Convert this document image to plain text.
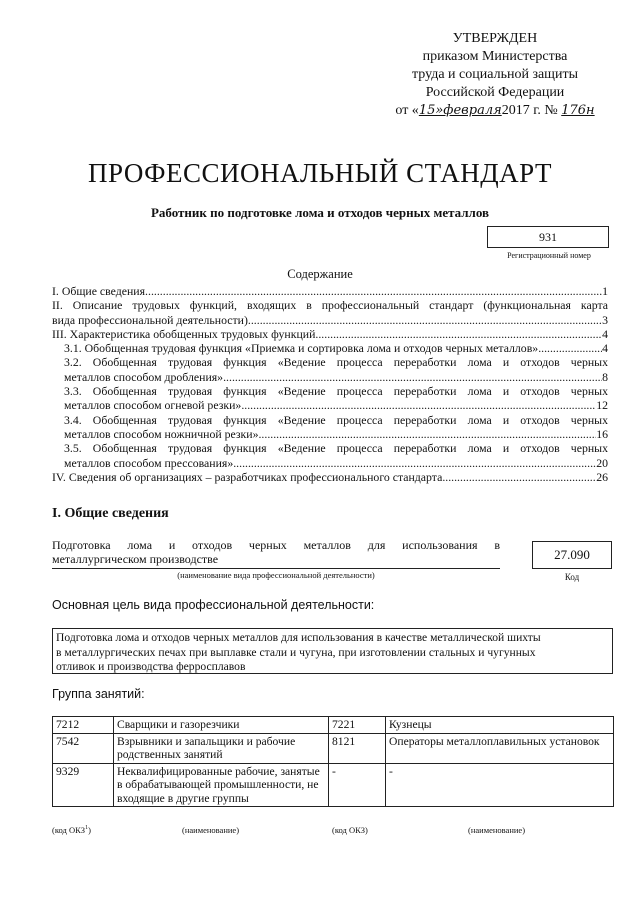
УТВЕРЖДЕН
приказом Министерства
труда и социальной защиты
Российской Федерации
от «15»февраля2017 г. № 176н
ПРОФЕССИОНАЛЬНЫЙ СТАНДАРТ
Работник по подготовке лома и отходов черных металлов
931
Регистрационный номер
Содержание
I. Общие сведения .....	1
II. Описание трудовых функций, входящих в профессиональный стандарт (функциональная карта
вида профессиональной деятельности) .....	3
III. Характеристика обобщенных трудовых функций .....	4
3.1. Обобщенная трудовая функция «Приемка и сортировка лома и отходов черных металлов» .....	4
3.2. Обобщенная трудовая функция «Ведение процесса переработки лома и отходов черных
металлов способом дробления» .....	8
3.3. Обобщенная трудовая функция «Ведение процесса переработки лома и отходов черных
металлов способом огневой резки» .....	12
3.4. Обобщенная трудовая функция «Ведение процесса переработки лома и отходов черных
металлов способом ножничной резки» .....	16
3.5. Обобщенная трудовая функция «Ведение процесса переработки лома и отходов черных
металлов способом прессования» .....	20
IV. Сведения об организациях – разработчиках профессионального стандарта .....	26
I. Общие сведения
Подготовка лома и отходов черных металлов для использования в
металлургическом производстве
(наименование вида профессиональной деятельности)
27.090
Код
Основная цель вида профессиональной деятельности:
Подготовка лома и отходов черных металлов для использования в качестве металлической шихты
в металлургических печах при выплавке стали и чугуна, при изготовлении стальных и чугунных
отливок и производства ферросплавов
Группа занятий:
7212	Сварщики и газорезчики	7221	Кузнецы
7542	Взрывники и запальщики и рабочие родственных занятий	8121	Операторы металлоплавильных установок
9329	Неквалифицированные рабочие, занятые в обрабатывающей промышленности, не входящие в другие группы	-	-
(код ОКЗ$^1$)	(наименование)	(код ОКЗ)	(наименование)
